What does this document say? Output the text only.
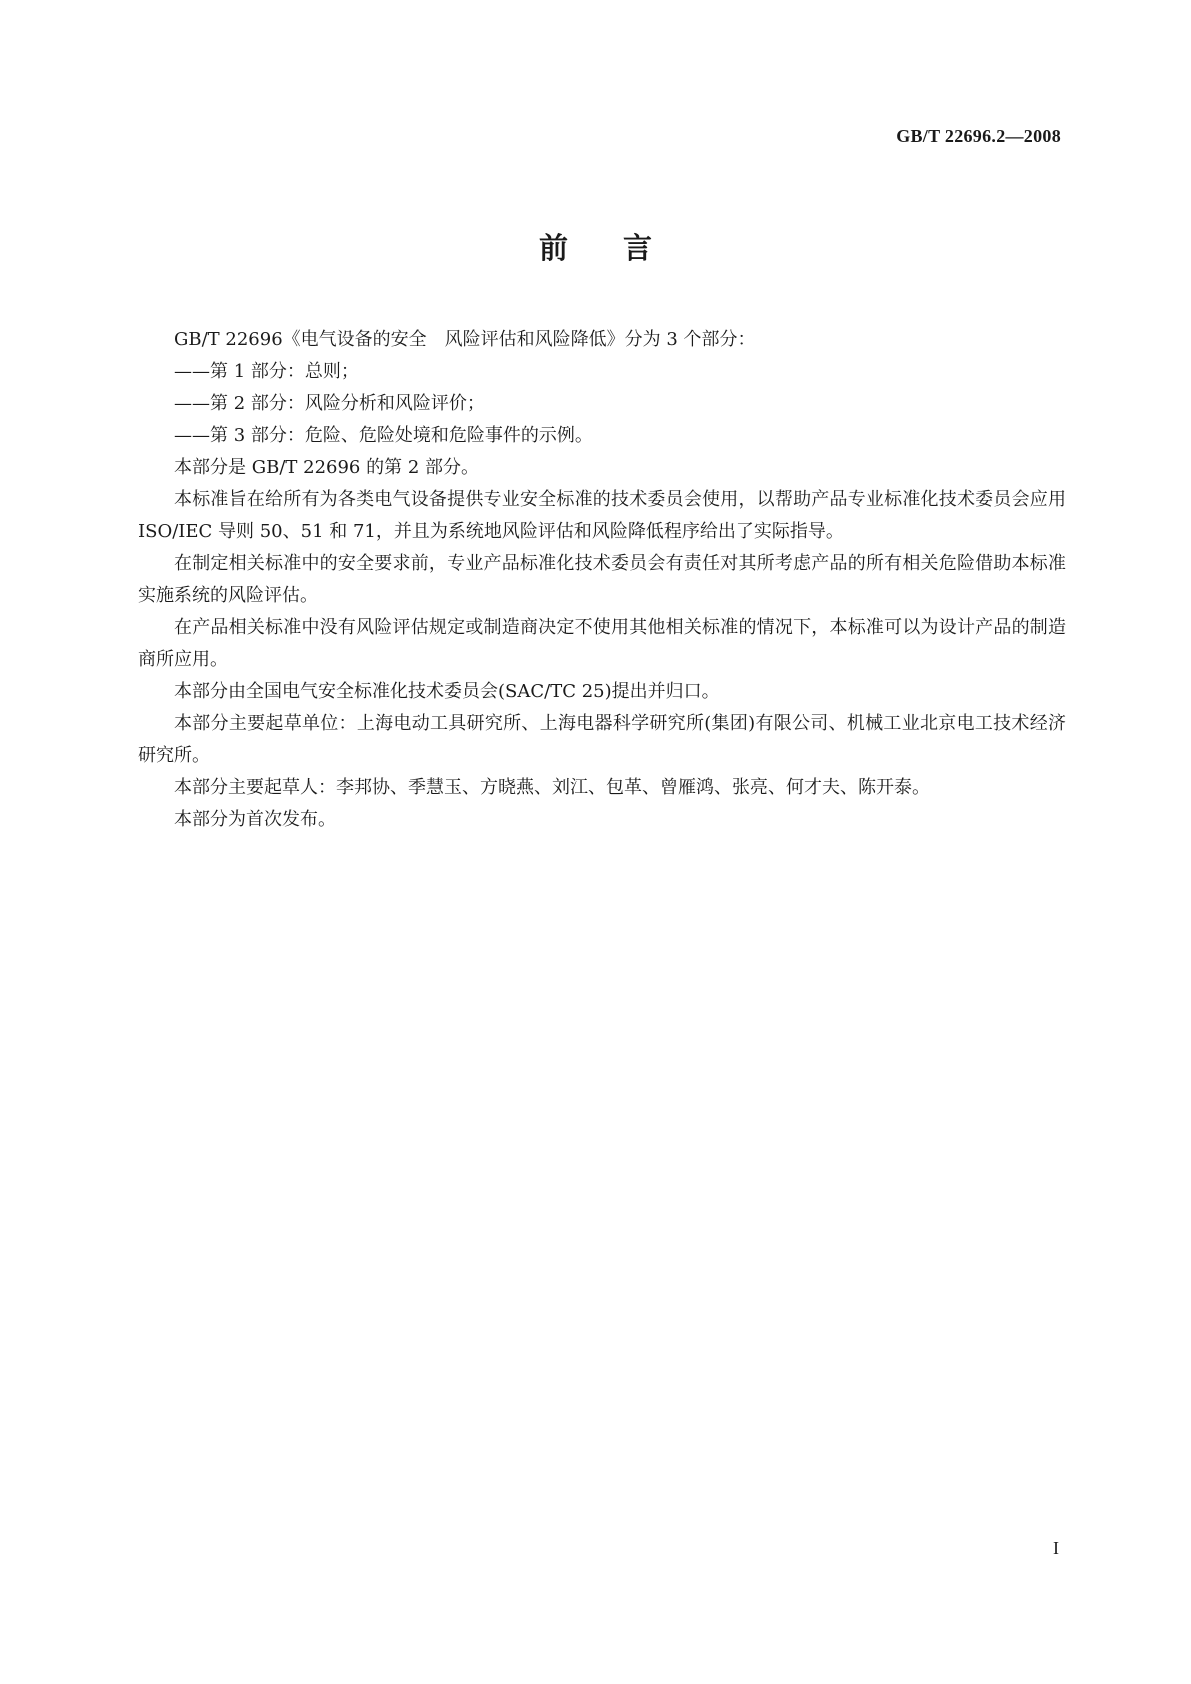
GB/T 22696.2—2008
前言

GB/T 22696《电气设备的安全　风险评估和风险降低》分为 3 个部分：

——第 1 部分：总则；

——第 2 部分：风险分析和风险评价；

——第 3 部分：危险、危险处境和危险事件的示例。

本部分是 GB/T 22696 的第 2 部分。

本标准旨在给所有为各类电气设备提供专业安全标准的技术委员会使用，以帮助产品专业标准化技术委员会应用 ISO/IEC 导则 50、51 和 71，并且为系统地风险评估和风险降低程序给出了实际指导。

在制定相关标准中的安全要求前，专业产品标准化技术委员会有责任对其所考虑产品的所有相关危险借助本标准实施系统的风险评估。

在产品相关标准中没有风险评估规定或制造商决定不使用其他相关标准的情况下，本标准可以为设计产品的制造商所应用。

本部分由全国电气安全标准化技术委员会(SAC/TC 25)提出并归口。

本部分主要起草单位：上海电动工具研究所、上海电器科学研究所(集团)有限公司、机械工业北京电工技术经济研究所。

本部分主要起草人：李邦协、季慧玉、方晓燕、刘江、包革、曾雁鸿、张亮、何才夫、陈开泰。

本部分为首次发布。

I
